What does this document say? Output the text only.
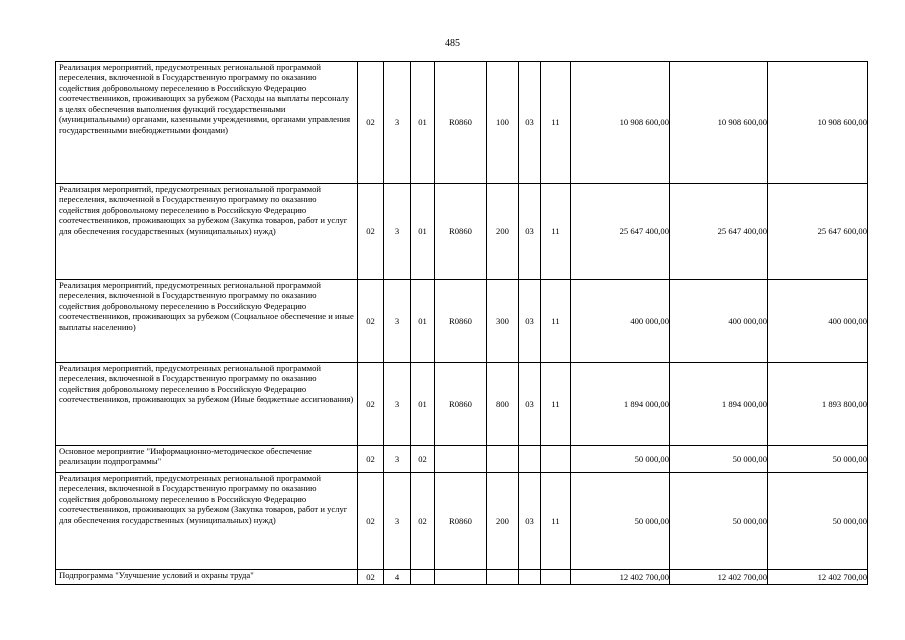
485
Реализация мероприятий, предусмотренных региональной программой переселения, включенной в Государственную программу по оказанию содействия добровольному переселению в Российскую Федерацию соотечественников, проживающих за рубежом (Расходы на выплаты персоналу в целях обеспечения выполнения функций государственными (муниципальными) органами, казенными учреждениями, органами управления государственными внебюджетными фондами)	02	3	01	R0860	100	03	11	10 908 600,00	10 908 600,00	10 908 600,00
Реализация мероприятий, предусмотренных региональной программой переселения, включенной в Государственную программу по оказанию содействия добровольному переселению в Российскую Федерацию соотечественников, проживающих за рубежом (Закупка товаров, работ и услуг для обеспечения государственных (муниципальных) нужд)	02	3	01	R0860	200	03	11	25 647 400,00	25 647 400,00	25 647 600,00
Реализация мероприятий, предусмотренных региональной программой переселения, включенной в Государственную программу по оказанию содействия добровольному переселению в Российскую Федерацию соотечественников, проживающих за рубежом (Социальное обеспечение и иные выплаты населению)	02	3	01	R0860	300	03	11	400 000,00	400 000,00	400 000,00
Реализация мероприятий, предусмотренных региональной программой переселения, включенной в Государственную программу по оказанию содействия добровольному переселению в Российскую Федерацию соотечественников, проживающих за рубежом (Иные бюджетные ассигнования)	02	3	01	R0860	800	03	11	1 894 000,00	1 894 000,00	1 893 800,00
Основное мероприятие "Информационно-методическое обеспечение реализации подпрограммы"	02	3	02					50 000,00	50 000,00	50 000,00
Реализация мероприятий, предусмотренных региональной программой переселения, включенной в Государственную программу по оказанию содействия добровольному переселению в Российскую Федерацию соотечественников, проживающих за рубежом (Закупка товаров, работ и услуг для обеспечения государственных (муниципальных) нужд)	02	3	02	R0860	200	03	11	50 000,00	50 000,00	50 000,00
Подпрограмма "Улучшение условий и охраны труда"	02	4						12 402 700,00	12 402 700,00	12 402 700,00
